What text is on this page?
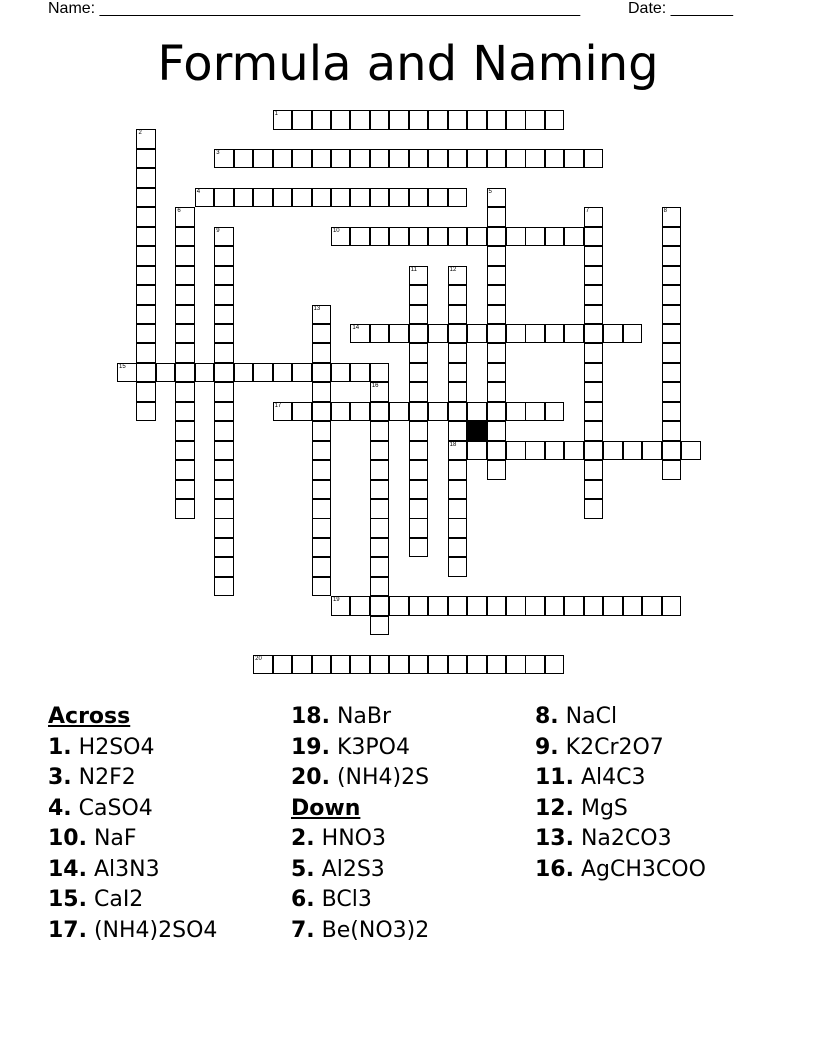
Name: ______________________________________________________	Date: _______
Formula and Naming
1
2
3
4	5
6	7	8
9	10
11	12
18
13
14
15
16
17
19
20
Across
1. H2SO4
3. N2F2
4. CaSO4
10. NaF
14. Al3N3
15. CaI2
17. (NH4)2SO4
18. NaBr
19. K3PO4
20. (NH4)2S
Down
2. HNO3
5. Al2S3
6. BCl3
7. Be(NO3)2
8. NaCl
9. K2Cr2O7
11. Al4C3
12. MgS
13. Na2CO3
16. AgCH3COO
